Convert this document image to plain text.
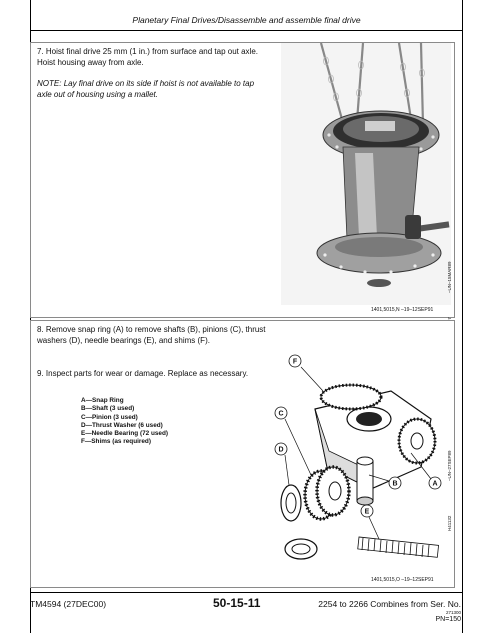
Planetary Final Drives/Disassemble and assemble final drive
7. Hoist final drive 25 mm (1 in.) from surface and tap out axle. Hoist housing away from axle.
NOTE: Lay final drive on its side if hoist is not available to tap axle out of housing using a mallet.
–UN–15MAR89
1401,5015,N –19–12SEP91
8. Remove snap ring (A) to remove shafts (B), pinions (C), thrust washers (D), needle bearings (E), and shims (F).
9. Inspect parts for wear or damage. Replace as necessary.
A—Snap Ring
B—Shaft (3 used)
C—Pinion (3 used)
D—Thrust Washer (6 used)
E—Needle Bearing (72 used)
F—Shims (as required)
F
C
D
A
B
E
–UN–27SEP89
H41132
1401,5015,O –19–12SEP91
TM4594 (27DEC00)	50-15-11	2254 to 2266 Combines from Ser. No.
271300
PN=150
